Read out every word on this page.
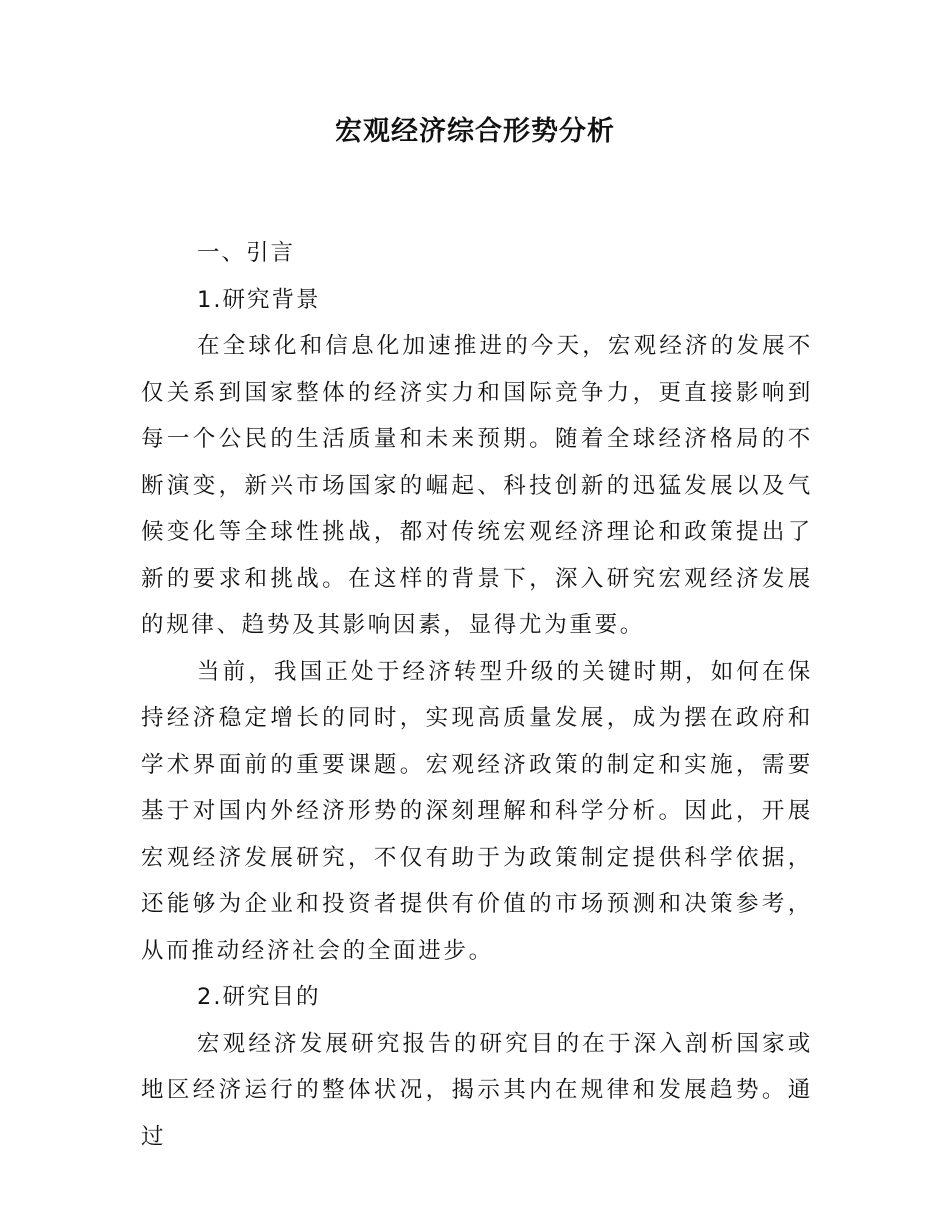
宏观经济综合形势分析

一、引言

1.研究背景

在全球化和信息化加速推进的今天，宏观经济的发展不仅关系到国家整体的经济实力和国际竞争力，更直接影响到每一个公民的生活质量和未来预期。随着全球经济格局的不断演变，新兴市场国家的崛起、科技创新的迅猛发展以及气候变化等全球性挑战，都对传统宏观经济理论和政策提出了新的要求和挑战。在这样的背景下，深入研究宏观经济发展的规律、趋势及其影响因素，显得尤为重要。

当前，我国正处于经济转型升级的关键时期，如何在保持经济稳定增长的同时，实现高质量发展，成为摆在政府和学术界面前的重要课题。宏观经济政策的制定和实施，需要基于对国内外经济形势的深刻理解和科学分析。因此，开展宏观经济发展研究，不仅有助于为政策制定提供科学依据，还能够为企业和投资者提供有价值的市场预测和决策参考，从而推动经济社会的全面进步。

2.研究目的

宏观经济发展研究报告的研究目的在于深入剖析国家或地区经济运行的整体状况，揭示其内在规律和发展趋势。通过
